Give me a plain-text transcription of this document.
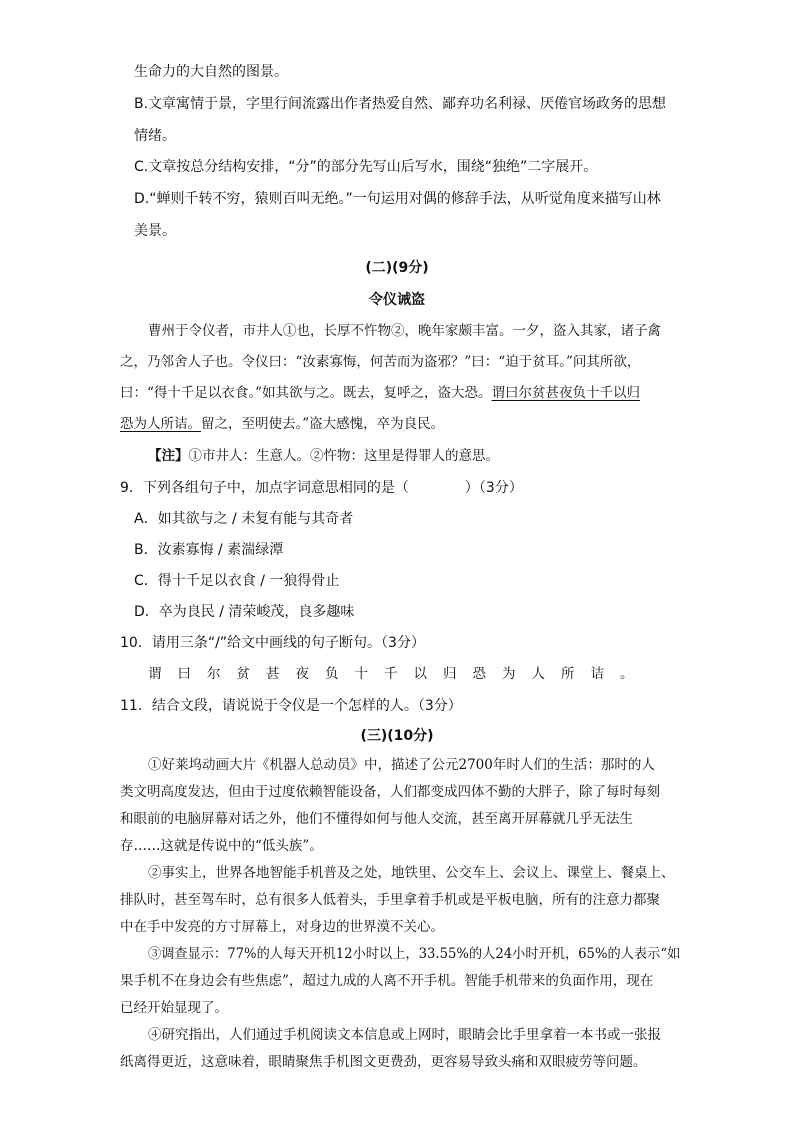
生命力的大自然的图景。
B.文章寓情于景，字里行间流露出作者热爱自然、鄙弃功名利禄、厌倦官场政务的思想
情绪。
C.文章按总分结构安排，“分”的部分先写山后写水，围绕“独绝”二字展开。
D.“蝉则千转不穷，猿则百叫无绝。”一句运用对偶的修辞手法，从听觉角度来描写山林
美景。
(二)(9分)
令仪诫盗
曹州于令仪者，市井人①也，长厚不忤物②，晚年家颇丰富。一夕，盗入其家，诸子禽
之，乃邻舍人子也。令仪曰：“汝素寡悔，何苦而为盗邪？”曰：“迫于贫耳。”问其所欲，
曰：“得十千足以衣食。”如其欲与之。既去，复呼之，盗大恐。谓曰尔贫甚夜负十千以归
恐为人所诘。留之，至明使去。”盗大感愧，卒为良民。
【注】①市井人：生意人。②忤物：这里是得罪人的意思。
9．下列各组句子中，加点字词意思相同的是（　　　　）（3分）
A．如其欲与之 / 未复有能与其奇者
B．汝素寡悔 / 素湍绿潭
C．得十千足以衣食 / 一狼得骨止
D．卒为良民 / 清荣峻茂，良多趣味
10．请用三条“/”给文中画线的句子断句。（3分）
谓曰尔贫甚夜负十千以归恐为人所诘。
11．结合文段，请说说于令仪是一个怎样的人。（3分）
(三)(10分)
①好莱坞动画大片《机器人总动员》中，描述了公元2700年时人们的生活：那时的人
类文明高度发达，但由于过度依赖智能设备，人们都变成四体不勤的大胖子，除了每时每刻
和眼前的电脑屏幕对话之外，他们不懂得如何与他人交流，甚至离开屏幕就几乎无法生
存……这就是传说中的“低头族”。
②事实上，世界各地智能手机普及之处，地铁里、公交车上、会议上、课堂上、餐桌上、
排队时，甚至驾车时，总有很多人低着头，手里拿着手机或是平板电脑，所有的注意力都聚
中在手中发亮的方寸屏幕上，对身边的世界漠不关心。
③调查显示：77%的人每天开机12小时以上，33.55%的人24小时开机，65%的人表示“如
果手机不在身边会有些焦虑”，超过九成的人离不开手机。智能手机带来的负面作用，现在
已经开始显现了。
④研究指出，人们通过手机阅读文本信息或上网时，眼睛会比手里拿着一本书或一张报
纸离得更近，这意味着，眼睛聚焦手机图文更费劲，更容易导致头痛和双眼疲劳等问题。
